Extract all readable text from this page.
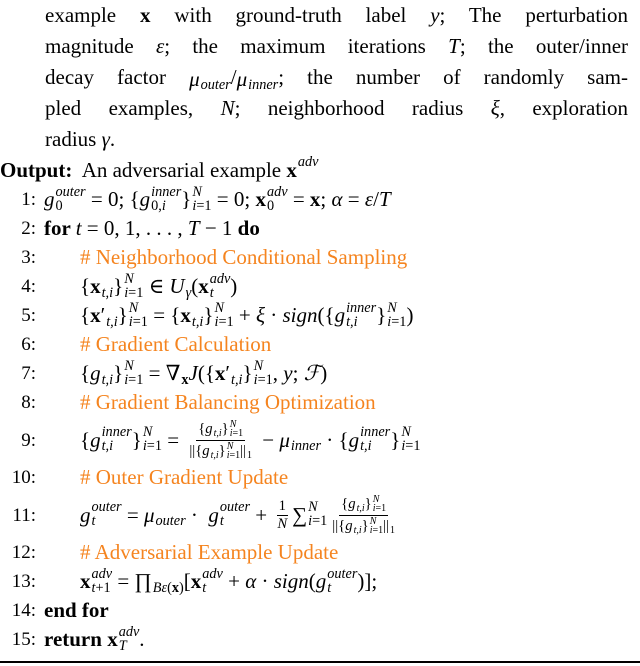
example x with ground-truth label y; The perturbation
magnitude ε; the maximum iterations T; the outer/inner
decay factor μ outer / μ inner ; the number of randomly sam-
pled examples, N; neighborhood radius ξ, exploration
radius γ.
Output: An adversarial example x adv
1: g outer
0	= 0; { g inner
0,i } N
i=1 = 0; x adv
0 = x ; α = ε / T
2: for t = 0, 1, . . . , T − 1 do
3:	# Neighborhood Conditional Sampling
4:	{ x t,i } N
i=1 ∈ U γ ( x adv
t )
5:	{ x ′ t,i } N
i=1 = { x t,i } N
i=1 + ξ · sign ({ g inner
t,i } N
i=1 )
6:	# Gradient Calculation
7:	{ g t,i } N
i=1 = ∇ x J ({ x ′ t,i } N
i=1 , y ; ℱ )
8:	# Gradient Balancing Optimization
9:	{ g inner
t,i } N
i=1 = { g t,i } N
i=1
||{ g t,i } N
i=1 || 1 − μ inner · { g inner
t,i } N
i=1
10:	# Outer Gradient Update
11:	g outer
t	= μ outer · g outer
t	+ $\frac{1}{N}$ ∑ N
i=1 { g t,i } N
i=1
||{ g t,i } N
i=1 || 1
12:	# Adversarial Example Update
13:	x adv
t+1 = ∏ Bε(x) [ x adv
t + α · sign ( g outer
t	)];
14: end for
15: return x adv
T .
